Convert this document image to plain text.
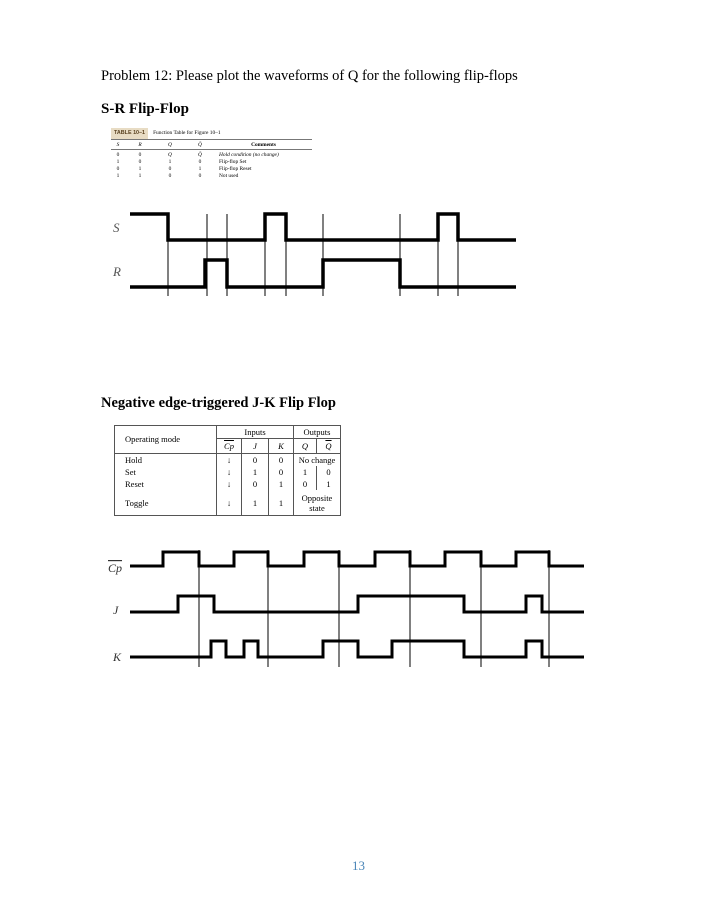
Problem 12: Please plot the waveforms of Q for the following flip-flops
S-R Flip-Flop
TABLE 10–1	Function Table for Figure 10–1
S	R	Q	Q̄	Comments
0	0	Q	Q̄	Hold condition (no change)
1	0	1	0	Flip-flop Set
0	1	0	1	Flip-flop Reset
1	1	0	0	Not used
S
R
Negative edge-triggered J-K Flip Flop
Operating mode	Inputs			Outputs	
	$\overline{Cp}$	J	K	Q	$\overline{Q}$
Hold	↓	0	0	No change	
Set	↓	1	0	1	0
Reset	↓	0	1	0	1
Toggle	↓	1	1	Opposite
state	
Cp
J
K
13
